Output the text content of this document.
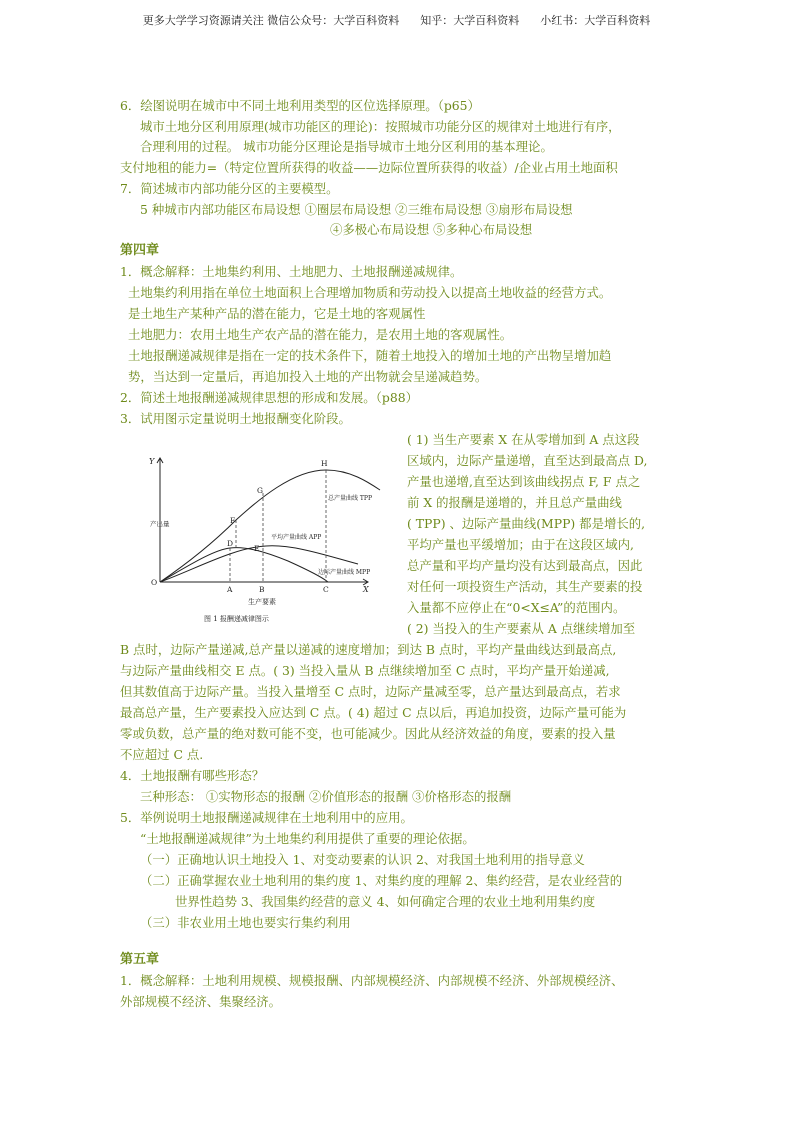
更多大学学习资源请关注 微信公众号：大学百科资料      知乎：大学百科资料      小红书：大学百科资料
6．绘图说明在城市中不同土地利用类型的区位选择原理。（p65）
城市土地分区利用原理(城市功能区的理论)：按照城市功能分区的规律对土地进行有序，
合理利用的过程。 城市功能分区理论是指导城市土地分区利用的基本理论。
支付地租的能力=（特定位置所获得的收益——边际位置所获得的收益）/企业占用土地面积
7．简述城市内部功能分区的主要模型。
5 种城市内部功能区布局设想 ①圈层布局设想 ②三维布局设想 ③扇形布局设想
④多极心布局设想 ⑤多种心布局设想
第四章
1．概念解释：土地集约利用、土地肥力、土地报酬递减规律。
土地集约利用指在单位土地面积上合理增加物质和劳动投入以提高土地收益的经营方式。
是土地生产某种产品的潜在能力，它是土地的客观属性
土地肥力：农用土地生产农产品的潜在能力，是农用土地的客观属性。
土地报酬递减规律是指在一定的技术条件下，随着土地投入的增加土地的产出物呈增加趋
势，当达到一定量后，再追加投入土地的产出物就会呈递减趋势。
2．简述土地报酬递减规律思想的形成和发展。（p88）
3．试用图示定量说明土地报酬变化阶段。
( 1) 当生产要素 X 在从零增加到 A 点这段
区域内，边际产量递增，直至达到最高点 D,
产量也递增,直至达到该曲线拐点 F, F 点之
前 X 的报酬是递增的，并且总产量曲线
( TPP) 、边际产量曲线(MPP) 都是增长的,
平均产量也平缓增加；由于在这段区域内,
总产量和平均产量均没有达到最高点，因此
对任何一项投资生产活动，其生产要素的投
入量都不应停止在“0<X≤A”的范围内。
( 2) 当投入的生产要素从 A 点继续增加至
Y
产出量
X
生产要素
O
A	B	C
D
E
F
G
H
总产量曲线 TPP
平均产量曲线 APP
边际产量曲线 MPP
图 1 报酬递减律图示
B 点时，边际产量递减,总产量以递减的速度增加；到达 B 点时，平均产量曲线达到最高点,
与边际产量曲线相交 E 点。( 3) 当投入量从 B 点继续增加至 C 点时，平均产量开始递减,
但其数值高于边际产量。当投入量增至 C 点时，边际产量减至零，总产量达到最高点，若求
最高总产量，生产要素投入应达到 C 点。( 4) 超过 C 点以后，再追加投资，边际产量可能为
零或负数，总产量的绝对数可能不变，也可能减少。因此从经济效益的角度，要素的投入量
不应超过 C 点.
4．土地报酬有哪些形态？
三种形态： ①实物形态的报酬 ②价值形态的报酬 ③价格形态的报酬
5．举例说明土地报酬递减规律在土地利用中的应用。
“土地报酬递减规律”为土地集约利用提供了重要的理论依据。
（一）正确地认识土地投入 1、对变动要素的认识 2、对我国土地利用的指导意义
（二）正确掌握农业土地利用的集约度 1、对集约度的理解 2、集约经营，是农业经营的
世界性趋势 3、我国集约经营的意义 4、如何确定合理的农业土地利用集约度
（三）非农业用土地也要实行集约利用
第五章
1．概念解释：土地利用规模、规模报酬、内部规模经济、内部规模不经济、外部规模经济、
外部规模不经济、集聚经济。
